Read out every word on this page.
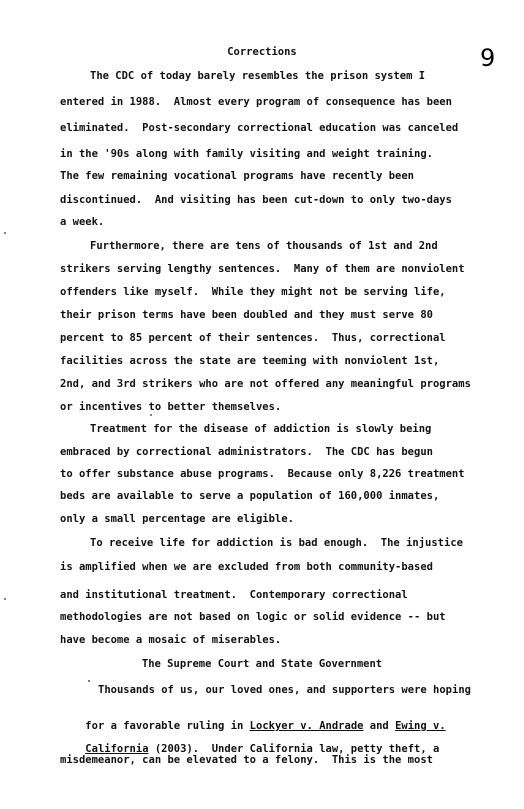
Corrections	9
The CDC of today barely resembles the prison system I
entered in 1988.  Almost every program of consequence has been
eliminated.  Post-secondary correctional education was canceled
in the '90s along with family visiting and weight training.
The few remaining vocational programs have recently been
discontinued.  And visiting has been cut-down to only two-days
a week.
Furthermore, there are tens of thousands of 1st and 2nd
strikers serving lengthy sentences.  Many of them are nonviolent
offenders like myself.  While they might not be serving life,
their prison terms have been doubled and they must serve 80
percent to 85 percent of their sentences.  Thus, correctional
facilities across the state are teeming with nonviolent 1st,
2nd, and 3rd strikers who are not offered any meaningful programs
or incentives to better themselves.
Treatment for the disease of addiction is slowly being
embraced by correctional administrators.  The CDC has begun
to offer substance abuse programs.  Because only 8,226 treatment
beds are available to serve a population of 160,000 inmates,
only a small percentage are eligible.
To receive life for addiction is bad enough.  The injustice
is amplified when we are excluded from both community-based
and institutional treatment.  Contemporary correctional
methodologies are not based on logic or solid evidence -- but
have become a mosaic of miserables.
The Supreme Court and State Government
Thousands of us, our loved ones, and supporters were hoping

for a favorable ruling in Lockyer v. Andrade and Ewing v.

California (2003).  Under California law, petty theft, a

misdemeanor, can be elevated to a felony.  This is the most
